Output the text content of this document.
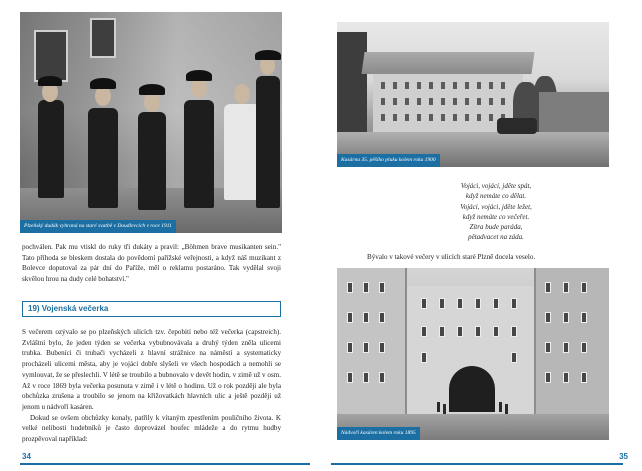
Plzeňský dudák vyhraná na staré svatbě v Doudlevcích v roce 1911

pochválen. Pak mu vtiskl do ruky tři dukáty a pravil: „Böhmen brave musikanten sein." Tato příhoda se bleskem dostala do povědomí pařížské veřejnosti, a když náš muzikant z Bolevce doputoval za pár dní do Paříže, měl o reklamu postaráno. Tak vydělal svoji skvělou hrou na dudy celé bohatství."

19) Vojenská večerka

S večerem ozývalo se po plzeňských ulicích tzv. čepobití nebo též večerka (capstreich). Zvláštní bylo, že jeden týden se večerka vybubnovávala a druhý týden zněla ulicemi trubka. Bubeníci či trubači vycházeli z hlavní strážnice na náměstí a systematicky procházeli ulicemi města, aby je vojáci dobře slyšeli ve všech hospodách a nemohli se vymlouvat, že se přeslechli. V létě se troubilo a bubnovalo v devět hodin, v zimě už v osm. Až v roce 1869 byla večerka posunuta v zimě i v létě o hodinu. Už o rok později ale byla obchůzka zrušena a troubilo se jenom na křižovatkách hlavních ulic a ještě později už jenom u nádvoří kasáren.

Dokud se ovšem obchůzky konaly, patřily k vítaným zpestřením pouličního života. K velké nelibosti hudebníků je často doprovázel houfec mládeže a do rytmu hudby prozpěvoval například:

34
Kasárna 35. pěšího pluku kolem roku 1900
Vojáci, vojáci, jděte spát,
když nemáte co dělat.
Vojáci, vojáci, jděte ležet,
když nemáte co večeřet.
Zítra bude paráda,
pětadvacet na záda.

Bývalo v takové večery v ulicích staré Plzně docela veselo.

Nádvoří kasáren kolem roku 1895
35
